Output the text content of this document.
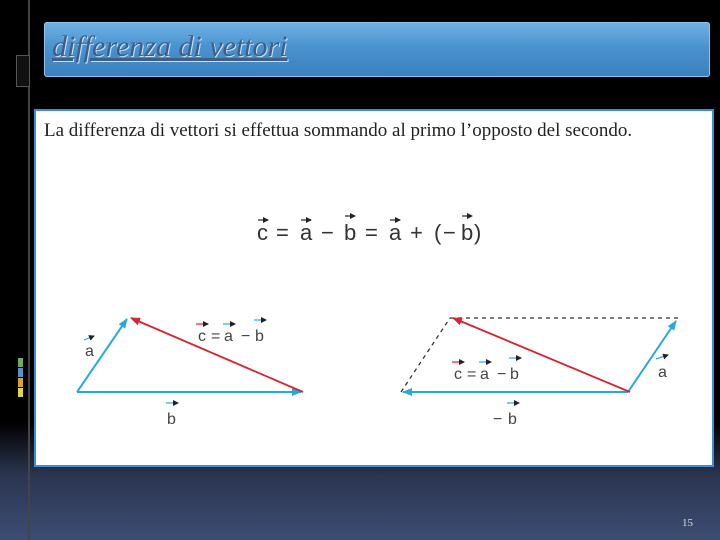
differenza di vettori
La differenza di vettori si effettua sommando al primo l’opposto del secondo.
c = a − b = a + ( − b )
a
b
c = a − b
a
− b
c = a − b
15
